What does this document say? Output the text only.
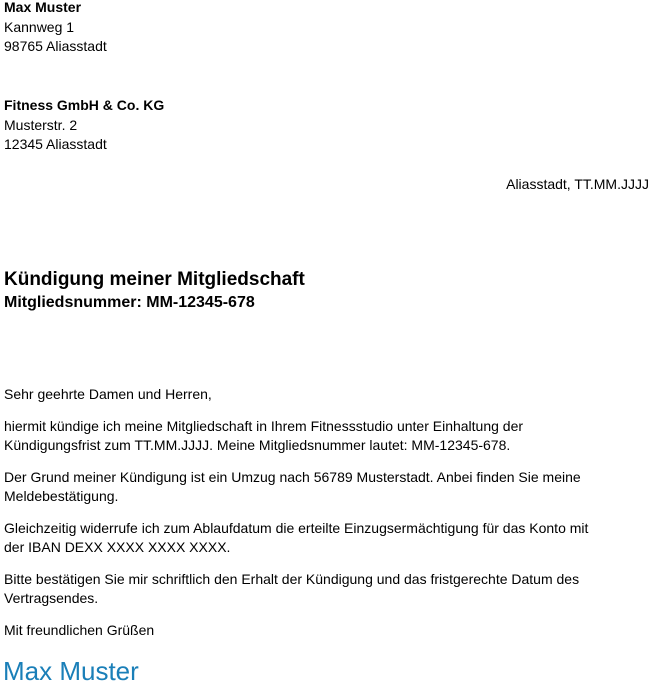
Max Muster
Kannweg 1
98765 Aliasstadt
Fitness GmbH & Co. KG
Musterstr. 2
12345 Aliasstadt
Aliasstadt, TT.MM.JJJJ
Kündigung meiner Mitgliedschaft
Mitgliedsnummer: MM-12345-678

Sehr geehrte Damen und Herren,

hiermit kündige ich meine Mitgliedschaft in Ihrem Fitnessstudio unter Einhaltung der
Kündigungsfrist zum TT.MM.JJJJ. Meine Mitgliedsnummer lautet: MM-12345-678.

Der Grund meiner Kündigung ist ein Umzug nach 56789 Musterstadt. Anbei finden Sie meine
Meldebestätigung.

Gleichzeitig widerrufe ich zum Ablaufdatum die erteilte Einzugsermächtigung für das Konto mit
der IBAN DEXX XXXX XXXX XXXX.

Bitte bestätigen Sie mir schriftlich den Erhalt der Kündigung und das fristgerechte Datum des
Vertragsendes.

Mit freundlichen Grüßen

Max Muster
